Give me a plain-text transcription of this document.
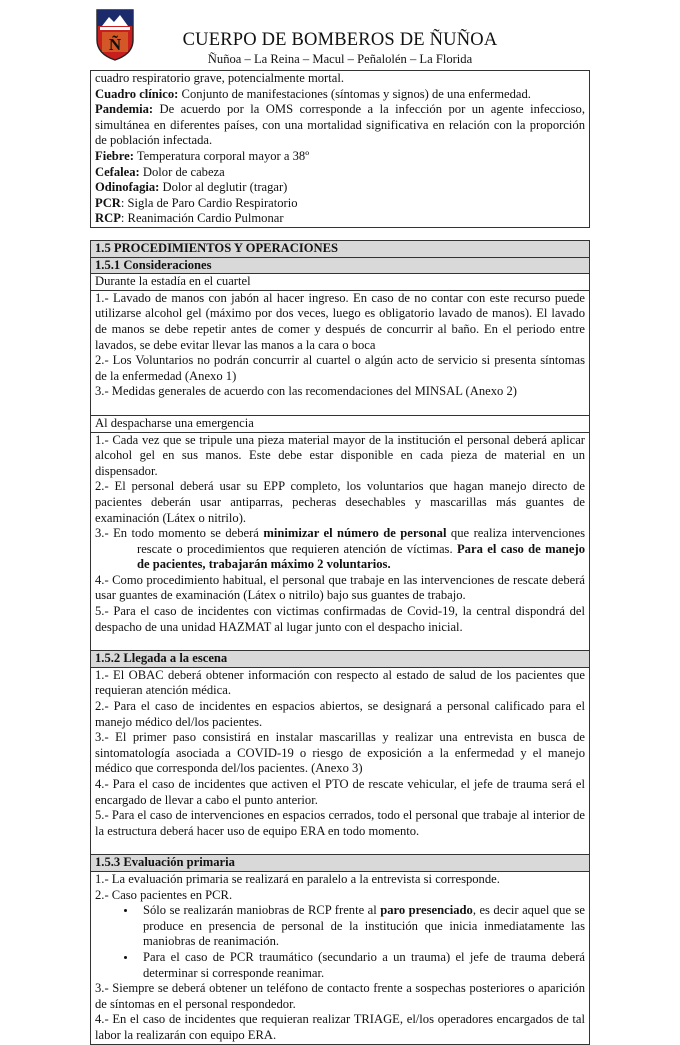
Ñ	CUERPO DE BOMBEROS DE ÑUÑOA
Ñuñoa – La Reina – Macul – Peñalolén – La Florida

cuadro respiratorio grave, potencialmente mortal.

Cuadro clínico: Conjunto de manifestaciones (síntomas y signos) de una enfermedad.

Pandemia: De acuerdo por la OMS corresponde a la infección por un agente infeccioso, simultánea en diferentes países, con una mortalidad significativa en relación con la proporción de población infectada.

Fiebre: Temperatura corporal mayor a 38º

Cefalea: Dolor de cabeza

Odinofagia: Dolor al deglutir (tragar)

PCR: Sigla de Paro Cardio Respiratorio

RCP: Reanimación Cardio Pulmonar

1.5 PROCEDIMIENTOS Y OPERACIONES
1.5.1 Consideraciones
Durante la estadía en el cuartel

1.- Lavado de manos con jabón al hacer ingreso. En caso de no contar con este recurso puede utilizarse alcohol gel (máximo por dos veces, luego es obligatorio lavado de manos). El lavado de manos se debe repetir antes de comer y después de concurrir al baño. En el periodo entre lavados, se debe evitar llevar las manos a la cara o boca

2.- Los Voluntarios no podrán concurrir al cuartel o algún acto de servicio si presenta síntomas de la enfermedad (Anexo 1)

3.- Medidas generales de acuerdo con las recomendaciones del MINSAL (Anexo 2)

Al despacharse una emergencia

1.- Cada vez que se tripule una pieza material mayor de la institución el personal deberá aplicar alcohol gel en sus manos. Este debe estar disponible en cada pieza de material en un dispensador.

2.- El personal deberá usar su EPP completo, los voluntarios que hagan manejo directo de pacientes deberán usar antiparras, pecheras desechables y mascarillas más guantes de examinación (Látex o nitrilo).

3.- En todo momento se deberá minimizar el número de personal que realiza intervenciones rescate o procedimientos que requieren atención de víctimas. Para el caso de manejo de pacientes, trabajarán máximo 2 voluntarios.

4.- Como procedimiento habitual, el personal que trabaje en las intervenciones de rescate deberá usar guantes de examinación (Látex o nitrilo) bajo sus guantes de trabajo.

5.- Para el caso de incidentes con victimas confirmadas de Covid-19, la central dispondrá del despacho de una unidad HAZMAT al lugar junto con el despacho inicial.

1.5.2 Llegada a la escena

1.- El OBAC deberá obtener información con respecto al estado de salud de los pacientes que requieran atención médica.

2.- Para el caso de incidentes en espacios abiertos, se designará a personal calificado para el manejo médico del/los pacientes.

3.- El primer paso consistirá en instalar mascarillas y realizar una entrevista en busca de sintomatología asociada a COVID-19 o riesgo de exposición a la enfermedad y el manejo médico que corresponda del/los pacientes. (Anexo 3)

4.- Para el caso de incidentes que activen el PTO de rescate vehicular, el jefe de trauma será el encargado de llevar a cabo el punto anterior.

5.- Para el caso de intervenciones en espacios cerrados, todo el personal que trabaje al interior de la estructura deberá hacer uso de equipo ERA en todo momento.

1.5.3 Evaluación primaria

1.- La evaluación primaria se realizará en paralelo a la entrevista si corresponde.

2.- Caso pacientes en PCR.

• Sólo se realizarán maniobras de RCP frente al paro presenciado, es decir aquel que se produce en presencia de personal de la institución que inicia inmediatamente las maniobras de reanimación.
• Para el caso de PCR traumático (secundario a un trauma) el jefe de trauma deberá determinar si corresponde reanimar.

3.- Siempre se deberá obtener un teléfono de contacto frente a sospechas posteriores o aparición de síntomas en el personal respondedor.

4.- En el caso de incidentes que requieran realizar TRIAGE, el/los operadores encargados de tal labor la realizarán con equipo ERA.
